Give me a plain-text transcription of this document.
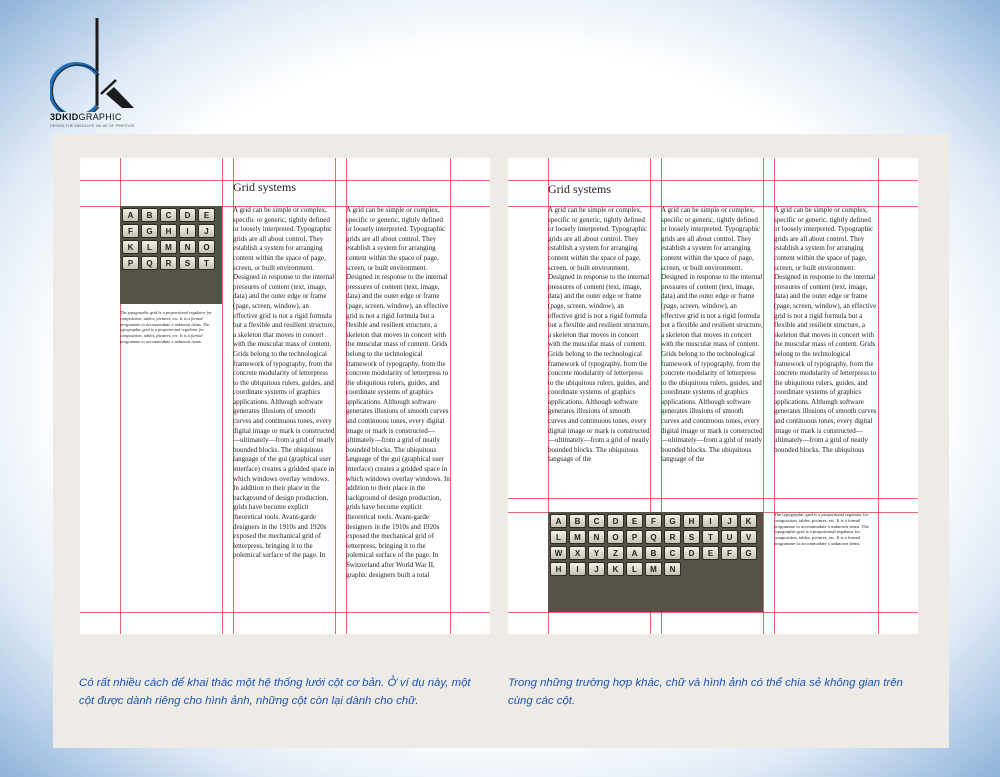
3DKIDGRAPHIC
DESIGN THE ABSOLUTE VALUE OF PRESTIGE
Grid systems
A	B	C	D	E
F	G	H	I	J
K	L	M	N	O
P	Q	R	S	T
The typographic grid is a proportional regulator for composition, tables, pictures, etc. It is a formal programme to accommodate x unknown items. The typographic grid is a proportional regulator for composition, tables, pictures, etc. It is a formal programme to accommodate x unknown items.
A grid can be simple or complex, specific or generic, tightly defined or loosely interpreted. Typographic grids are all about control. They establish a system for arranging content within the space of page, screen, or built environment. Designed in response to the internal pressures of content (text, image, data) and the outer edge or frame (page, screen, window), an effective grid is not a rigid formula but a flexible and resilient structure, a skeleton that moves in concert with the muscular mass of content. Grids belong to the technological framework of typography, from the concrete modularity of letterpress to the ubiquitous rulers, guides, and coordinate systems of graphics applications. Although software generates illusions of smooth curves and continuous tones, every digital image or mark is constructed—ultimately—from a grid of neatly bounded blocks. The ubiquitous language of the gui (graphical user interface) creates a gridded space in which windows overlay windows. In addition to their place in the background of design production, grids have become explicit theoretical tools. Avant-garde designers in the 1910s and 1920s exposed the mechanical grid of letterpress, bringing it to the polemical surface of the page. In
A grid can be simple or complex, specific or generic, tightly defined or loosely interpreted. Typographic grids are all about control. They establish a system for arranging content within the space of page, screen, or built environment. Designed in response to the internal pressures of content (text, image, data) and the outer edge or frame (page, screen, window), an effective grid is not a rigid formula but a flexible and resilient structure, a skeleton that moves in concert with the muscular mass of content. Grids belong to the technological framework of typography, from the concrete modularity of letterpress to the ubiquitous rulers, guides, and coordinate systems of graphics applications. Although software generates illusions of smooth curves and continuous tones, every digital image or mark is constructed—ultimately—from a grid of neatly bounded blocks. The ubiquitous language of the gui (graphical user interface) creates a gridded space in which windows overlay windows. In addition to their place in the background of design production, grids have become explicit theoretical tools. Avant-garde designers in the 1910s and 1920s exposed the mechanical grid of letterpress, bringing it to the polemical surface of the page. In Switzerland after World War II, graphic designers built a total
Grid systems
A grid can be simple or complex, specific or generic, tightly defined or loosely interpreted. Typographic grids are all about control. They establish a system for arranging content within the space of page, screen, or built environment. Designed in response to the internal pressures of content (text, image, data) and the outer edge or frame (page, screen, window), an effective grid is not a rigid formula but a flexible and resilient structure, a skeleton that moves in concert with the muscular mass of content. Grids belong to the technological framework of typography, from the concrete modularity of letterpress to the ubiquitous rulers, guides, and coordinate systems of graphics applications. Although software generates illusions of smooth curves and continuous tones, every digital image or mark is constructed—ultimately—from a grid of neatly bounded blocks. The ubiquitous language of the
A grid can be simple or complex, specific or generic, tightly defined or loosely interpreted. Typographic grids are all about control. They establish a system for arranging content within the space of page, screen, or built environment. Designed in response to the internal pressures of content (text, image, data) and the outer edge or frame (page, screen, window), an effective grid is not a rigid formula but a flexible and resilient structure, a skeleton that moves in concert with the muscular mass of content. Grids belong to the technological framework of typography, from the concrete modularity of letterpress to the ubiquitous rulers, guides, and coordinate systems of graphics applications. Although software generates illusions of smooth curves and continuous tones, every digital image or mark is constructed—ultimately—from a grid of neatly bounded blocks. The ubiquitous language of the
A grid can be simple or complex, specific or generic, tightly defined or loosely interpreted. Typographic grids are all about control. They establish a system for arranging content within the space of page, screen, or built environment. Designed in response to the internal pressures of content (text, image, data) and the outer edge or frame (page, screen, window), an effective grid is not a rigid formula but a flexible and resilient structure, a skeleton that moves in concert with the muscular mass of content. Grids belong to the technological framework of typography, from the concrete modularity of letterpress to the ubiquitous rulers, guides, and coordinate systems of graphics applications. Although software generates illusions of smooth curves and continuous tones, every digital image or mark is constructed—ultimately—from a grid of neatly bounded blocks. The ubiquitous
A	B	C	D	E	F	G	H	I	J	K
L	M	N	O	P	Q	R	S	T	U	V
W	X	Y	Z	A	B	C	D	E	F	G
H	I	J	K	L	M	N
The typographic grid is a proportional regulator for composition, tables, pictures, etc. It is a formal programme to accommodate x unknown items. The typographic grid is a proportional regulator for composition, tables, pictures, etc. It is a formal programme to accommodate x unknown items.
Có rất nhiều cách để khai thác một hệ thống lưới cột cơ bản. Ở ví dụ này, một cột được dành riêng cho hình ảnh, những cột còn lại dành cho chữ.
Trong những trường hợp khác, chữ và hình ảnh có thể chia sẻ không gian trên cùng các cột.
